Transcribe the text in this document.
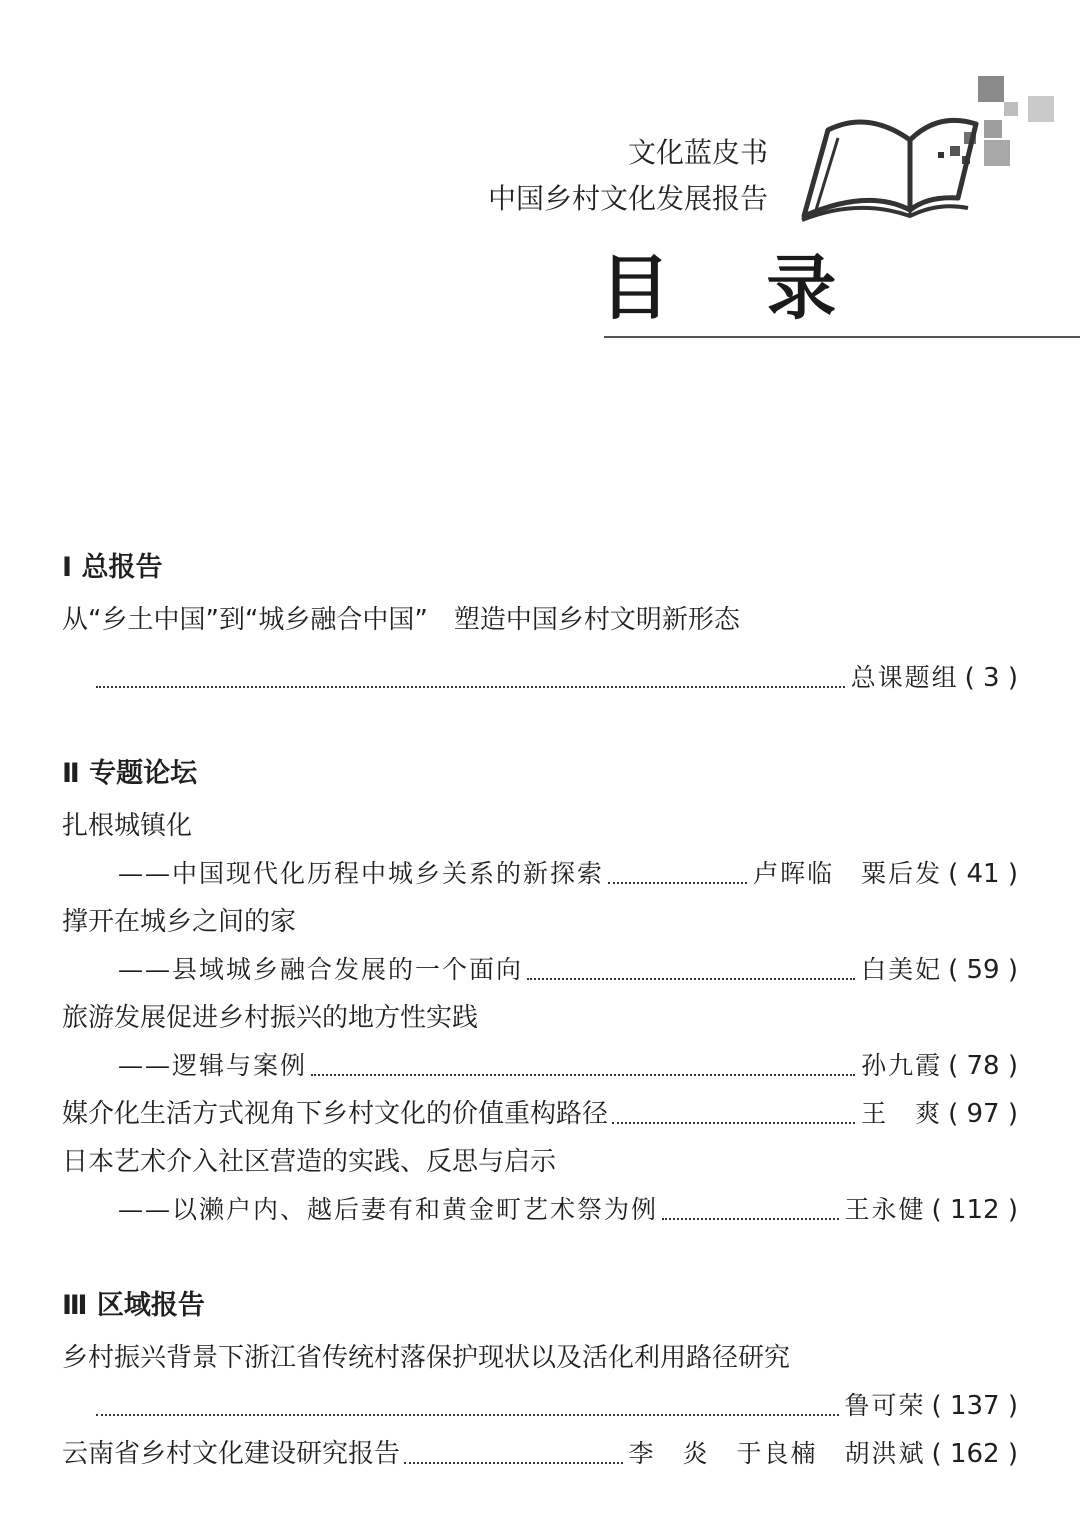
文化蓝皮书
中国乡村文化发展报告
目 录
Ⅰ 总报告
从“乡土中国”到“城乡融合中国”　塑造中国乡村文明新形态
总课题组 ( 3 )
Ⅱ 专题论坛
扎根城镇化
——中国现代化历程中城乡关系的新探索	卢晖临　粟后发 ( 41 )
撑开在城乡之间的家
——县域城乡融合发展的一个面向	白美妃 ( 59 )
旅游发展促进乡村振兴的地方性实践
——逻辑与案例	孙九霞 ( 78 )
媒介化生活方式视角下乡村文化的价值重构路径	王　爽 ( 97 )
日本艺术介入社区营造的实践、反思与启示
——以濑户内、越后妻有和黄金町艺术祭为例	王永健 ( 112 )
Ⅲ 区域报告
乡村振兴背景下浙江省传统村落保护现状以及活化利用路径研究
鲁可荣 ( 137 )
云南省乡村文化建设研究报告	李　炎　于良楠　胡洪斌 ( 162 )
